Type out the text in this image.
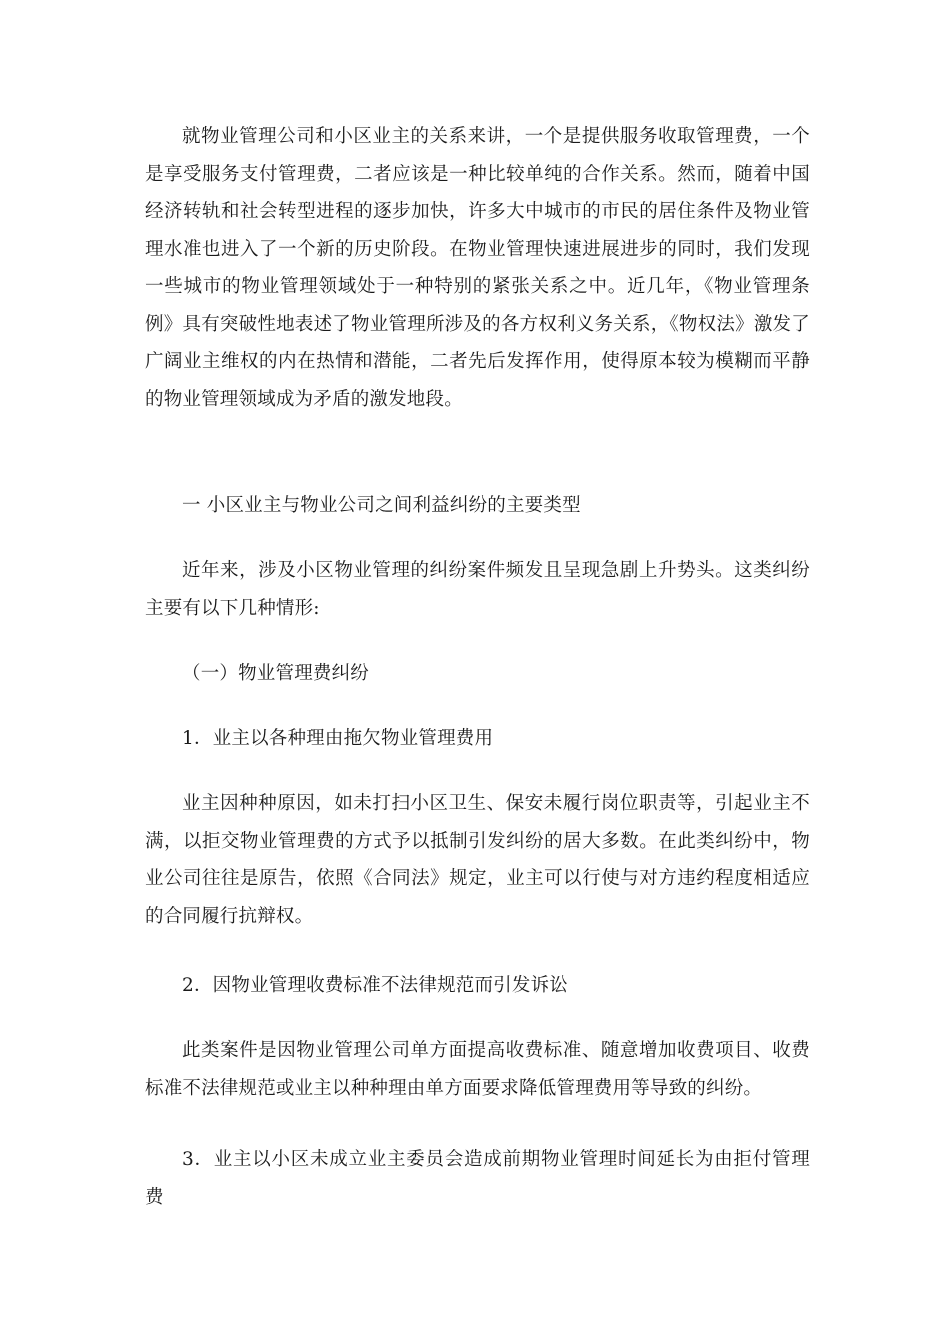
就物业管理公司和小区业主的关系来讲，一个是提供服务收取管理费，一个是享受服务支付管理费，二者应该是一种比较单纯的合作关系。然而，随着中国经济转轨和社会转型进程的逐步加快，许多大中城市的市民的居住条件及物业管理水准也进入了一个新的历史阶段。在物业管理快速进展进步的同时，我们发现一些城市的物业管理领域处于一种特别的紧张关系之中。近几年，《物业管理条例》具有突破性地表述了物业管理所涉及的各方权利义务关系，《物权法》激发了广阔业主维权的内在热情和潜能，二者先后发挥作用，使得原本较为模糊而平静的物业管理领域成为矛盾的激发地段。

一 小区业主与物业公司之间利益纠纷的主要类型

近年来，涉及小区物业管理的纠纷案件频发且呈现急剧上升势头。这类纠纷主要有以下几种情形:

（一）物业管理费纠纷

1．业主以各种理由拖欠物业管理费用

业主因种种原因，如未打扫小区卫生、保安未履行岗位职责等，引起业主不满，以拒交物业管理费的方式予以抵制引发纠纷的居大多数。在此类纠纷中，物业公司往往是原告，依照《合同法》规定，业主可以行使与对方违约程度相适应的合同履行抗辩权。

2．因物业管理收费标准不法律规范而引发诉讼

此类案件是因物业管理公司单方面提高收费标准、随意增加收费项目、收费标准不法律规范或业主以种种理由单方面要求降低管理费用等导致的纠纷。

3．业主以小区未成立业主委员会造成前期物业管理时间延长为由拒付管理费
